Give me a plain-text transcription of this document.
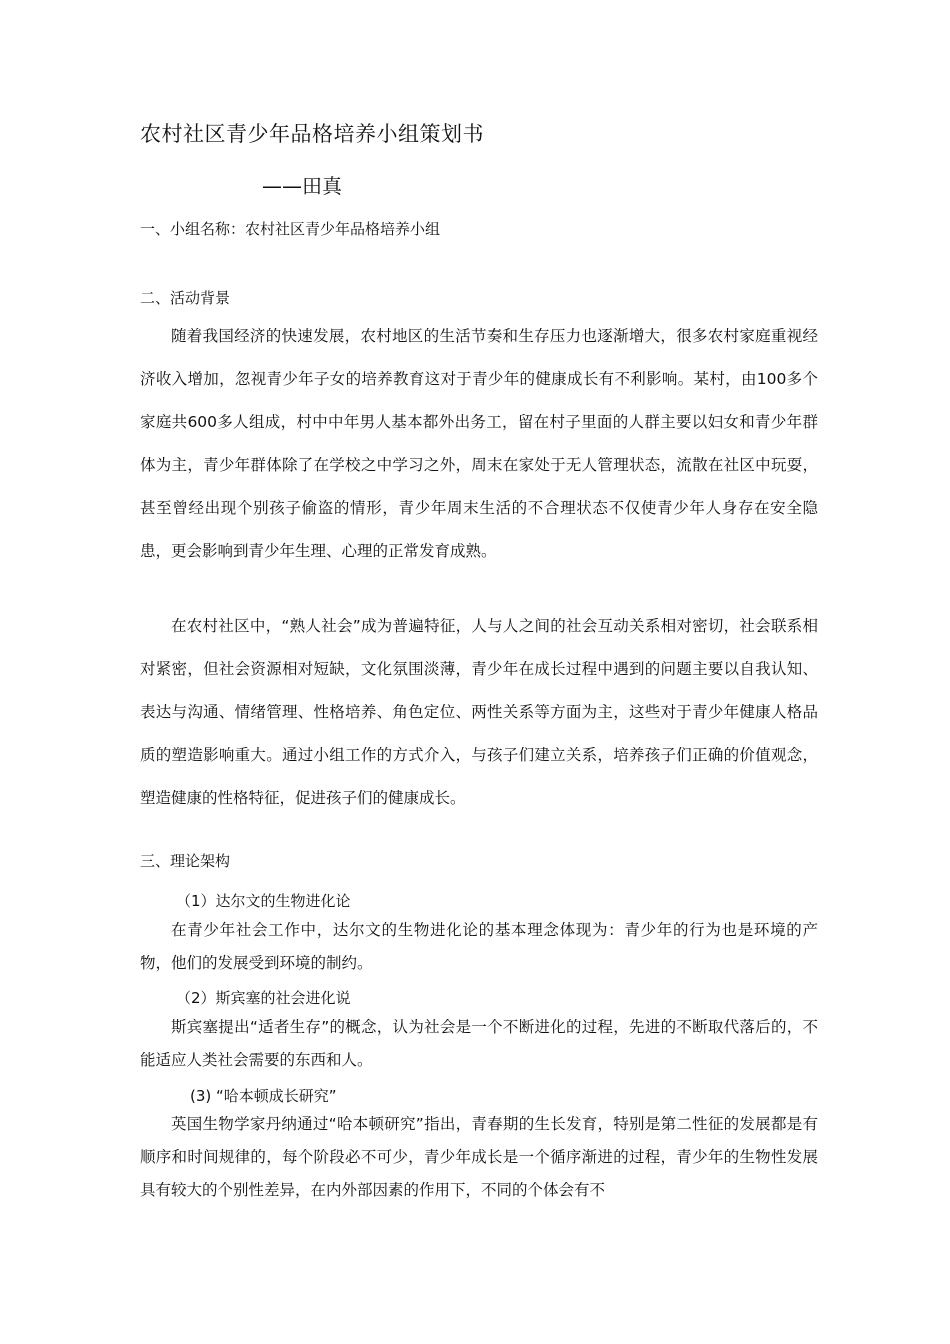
农村社区青少年品格培养小组策划书
——田真
一、小组名称：农村社区青少年品格培养小组
二、活动背景

随着我国经济的快速发展，农村地区的生活节奏和生存压力也逐渐增大，很多农村家庭重视经济收入增加，忽视青少年子女的培养教育这对于青少年的健康成长有不利影响。某村，由100多个家庭共600多人组成，村中中年男人基本都外出务工，留在村子里面的人群主要以妇女和青少年群体为主，青少年群体除了在学校之中学习之外，周末在家处于无人管理状态，流散在社区中玩耍，甚至曾经出现个别孩子偷盗的情形，青少年周末生活的不合理状态不仅使青少年人身存在安全隐患，更会影响到青少年生理、心理的正常发育成熟。

在农村社区中，“熟人社会”成为普遍特征，人与人之间的社会互动关系相对密切，社会联系相对紧密，但社会资源相对短缺，文化氛围淡薄，青少年在成长过程中遇到的问题主要以自我认知、表达与沟通、情绪管理、性格培养、角色定位、两性关系等方面为主，这些对于青少年健康人格品质的塑造影响重大。通过小组工作的方式介入，与孩子们建立关系，培养孩子们正确的价值观念，塑造健康的性格特征，促进孩子们的健康成长。

三、理论架构
（1）达尔文的生物进化论

在青少年社会工作中，达尔文的生物进化论的基本理念体现为：青少年的行为也是环境的产物，他们的发展受到环境的制约。

（2）斯宾塞的社会进化说

斯宾塞提出“适者生存”的概念，认为社会是一个不断进化的过程，先进的不断取代落后的，不能适应人类社会需要的东西和人。

(3) “哈本顿成长研究”

英国生物学家丹纳通过“哈本顿研究”指出，青春期的生长发育，特别是第二性征的发展都是有顺序和时间规律的，每个阶段必不可少，青少年成长是一个循序渐进的过程，青少年的生物性发展具有较大的个别性差异，在内外部因素的作用下，不同的个体会有不
